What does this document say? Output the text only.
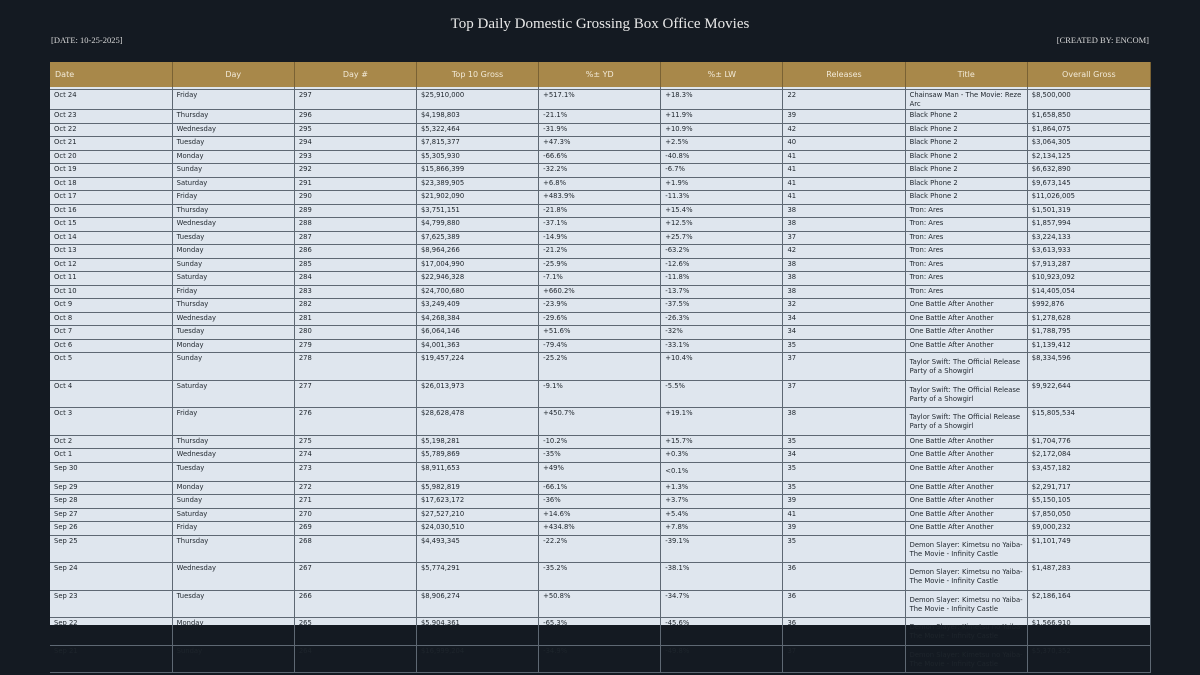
Top Daily Domestic Grossing Box Office Movies
[DATE: 10-25-2025]	[CREATED BY: ENCOM]
Date	Day	Day #	Top 10 Gross	%± YD	%± LW	Releases	Title	Overall Gross

Oct 24	Friday	297	$25,910,000	+517.1%	+18.3%	22	Chainsaw Man - The Movie: Reze Arc	$8,500,000
Oct 23	Thursday	296	$4,198,803	-21.1%	+11.9%	39	Black Phone 2	$1,658,850
Oct 22	Wednesday	295	$5,322,464	-31.9%	+10.9%	42	Black Phone 2	$1,864,075
Oct 21	Tuesday	294	$7,815,377	+47.3%	+2.5%	40	Black Phone 2	$3,064,305
Oct 20	Monday	293	$5,305,930	-66.6%	-40.8%	41	Black Phone 2	$2,134,125
Oct 19	Sunday	292	$15,866,399	-32.2%	-6.7%	41	Black Phone 2	$6,632,890
Oct 18	Saturday	291	$23,389,905	+6.8%	+1.9%	41	Black Phone 2	$9,673,145
Oct 17	Friday	290	$21,902,090	+483.9%	-11.3%	41	Black Phone 2	$11,026,005
Oct 16	Thursday	289	$3,751,151	-21.8%	+15.4%	38	Tron: Ares	$1,501,319
Oct 15	Wednesday	288	$4,799,880	-37.1%	+12.5%	38	Tron: Ares	$1,857,994
Oct 14	Tuesday	287	$7,625,389	-14.9%	+25.7%	37	Tron: Ares	$3,224,133
Oct 13	Monday	286	$8,964,266	-21.2%	-63.2%	42	Tron: Ares	$3,613,933
Oct 12	Sunday	285	$17,004,990	-25.9%	-12.6%	38	Tron: Ares	$7,913,287
Oct 11	Saturday	284	$22,946,328	-7.1%	-11.8%	38	Tron: Ares	$10,923,092
Oct 10	Friday	283	$24,700,680	+660.2%	-13.7%	38	Tron: Ares	$14,405,054
Oct 9	Thursday	282	$3,249,409	-23.9%	-37.5%	32	One Battle After Another	$992,876
Oct 8	Wednesday	281	$4,268,384	-29.6%	-26.3%	34	One Battle After Another	$1,278,628
Oct 7	Tuesday	280	$6,064,146	+51.6%	-32%	34	One Battle After Another	$1,788,795
Oct 6	Monday	279	$4,001,363	-79.4%	-33.1%	35	One Battle After Another	$1,139,412
Oct 5	Sunday	278	$19,457,224	-25.2%	+10.4%	37	Taylor Swift: The Official Release Party of a Showgirl	$8,334,596
Oct 4	Saturday	277	$26,013,973	-9.1%	-5.5%	37	Taylor Swift: The Official Release Party of a Showgirl	$9,922,644
Oct 3	Friday	276	$28,628,478	+450.7%	+19.1%	38	Taylor Swift: The Official Release Party of a Showgirl	$15,805,534
Oct 2	Thursday	275	$5,198,281	-10.2%	+15.7%	35	One Battle After Another	$1,704,776
Oct 1	Wednesday	274	$5,789,869	-35%	+0.3%	34	One Battle After Another	$2,172,084
Sep 30	Tuesday	273	$8,911,653	+49%	<0.1%	35	One Battle After Another	$3,457,182
Sep 29	Monday	272	$5,982,819	-66.1%	+1.3%	35	One Battle After Another	$2,291,717
Sep 28	Sunday	271	$17,623,172	-36%	+3.7%	39	One Battle After Another	$5,150,105
Sep 27	Saturday	270	$27,527,210	+14.6%	+5.4%	41	One Battle After Another	$7,850,050
Sep 26	Friday	269	$24,030,510	+434.8%	+7.8%	39	One Battle After Another	$9,000,232
Sep 25	Thursday	268	$4,493,345	-22.2%	-39.1%	35	Demon Slayer: Kimetsu no Yaiba- The Movie - Infinity Castle	$1,101,749
Sep 24	Wednesday	267	$5,774,291	-35.2%	-38.1%	36	Demon Slayer: Kimetsu no Yaiba- The Movie - Infinity Castle	$1,487,283
Sep 23	Tuesday	266	$8,906,274	+50.8%	-34.7%	36	Demon Slayer: Kimetsu no Yaiba- The Movie - Infinity Castle	$2,186,164
Sep 22	Monday	265	$5,904,361	-65.3%	-45.6%	36	Demon Slayer: Kimetsu no Yaiba- The Movie - Infinity Castle	$1,566,910
Sep 21	Sunday	264	$16,999,204	-34.9%	-49.8%	37	Demon Slayer: Kimetsu no Yaiba- The Movie - Infinity Castle	$5,370,352
